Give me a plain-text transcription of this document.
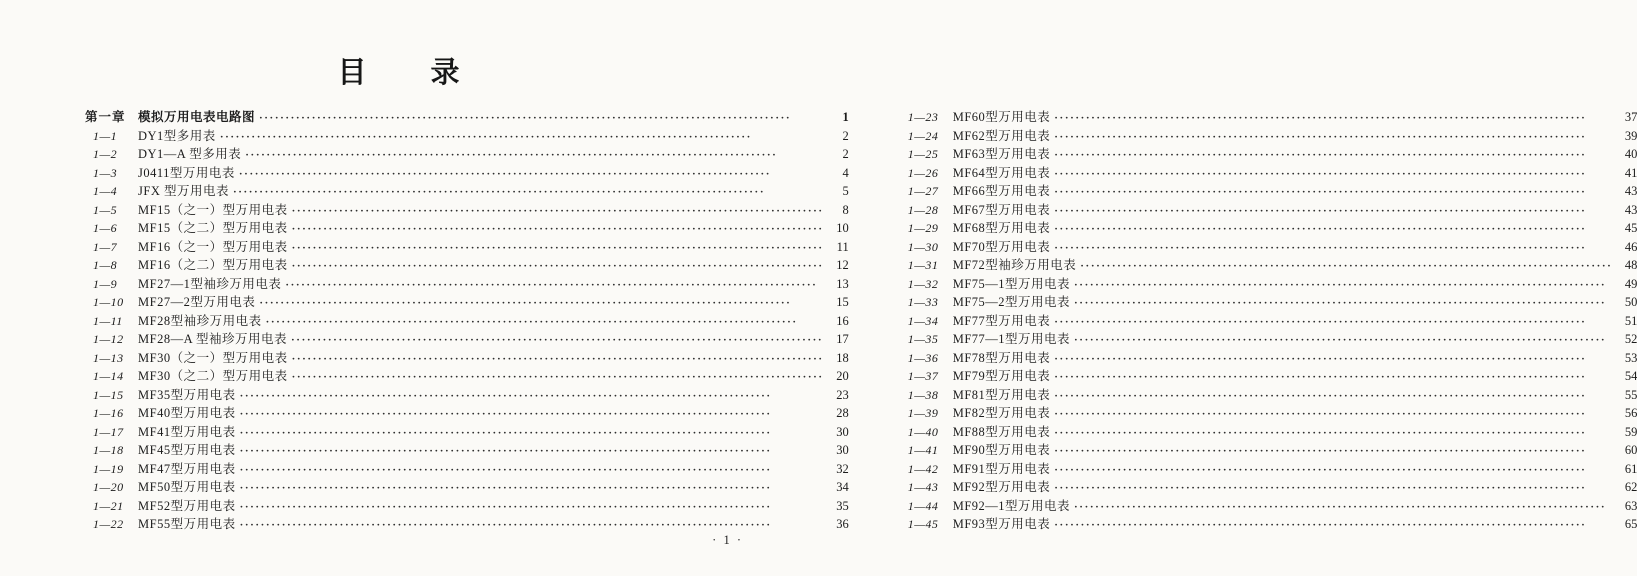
目　　录
第一章 模拟万用电表电路图 ·····	1
1—1	DY1型多用表 ·····	2
1—2	DY1—A 型多用表 ·····	2
1—3	J0411型万用电表 ·····	4
1—4	JFX 型万用电表 ·····	5
1—5	MF15（之一）型万用电表 ·····	8
1—6	MF15（之二）型万用电表 ·····	10
1—7	MF16（之一）型万用电表 ·····	11
1—8	MF16（之二）型万用电表 ·····	12
1—9	MF27—1型袖珍万用电表 ·····	13
1—10	MF27—2型万用电表 ·····	15
1—11	MF28型袖珍万用电表 ·····	16
1—12	MF28—A 型袖珍万用电表 ·····	17
1—13	MF30（之一）型万用电表 ·····	18
1—14	MF30（之二）型万用电表 ·····	20
1—15	MF35型万用电表 ·····	23
1—16	MF40型万用电表 ·····	28
1—17	MF41型万用电表 ·····	30
1—18	MF45型万用电表 ·····	30
1—19	MF47型万用电表 ·····	32
1—20	MF50型万用电表 ·····	34
1—21	MF52型万用电表 ·····	35
1—22	MF55型万用电表 ·····	36
1—23	MF60型万用电表 ·····	37
1—24	MF62型万用电表 ·····	39
1—25	MF63型万用电表 ·····	40
1—26	MF64型万用电表 ·····	41
1—27	MF66型万用电表 ·····	43
1—28	MF67型万用电表 ·····	43
1—29	MF68型万用电表 ·····	45
1—30	MF70型万用电表 ·····	46
1—31	MF72型袖珍万用电表 ·····	48
1—32	MF75—1型万用电表 ·····	49
1—33	MF75—2型万用电表 ·····	50
1—34	MF77型万用电表 ·····	51
1—35	MF77—1型万用电表 ·····	52
1—36	MF78型万用电表 ·····	53
1—37	MF79型万用电表 ·····	54
1—38	MF81型万用电表 ·····	55
1—39	MF82型万用电表 ·····	56
1—40	MF88型万用电表 ·····	59
1—41	MF90型万用电表 ·····	60
1—42	MF91型万用电表 ·····	61
1—43	MF92型万用电表 ·····	62
1—44	MF92—1型万用电表 ·····	63
1—45	MF93型万用电表 ·····	65
· 1 ·
